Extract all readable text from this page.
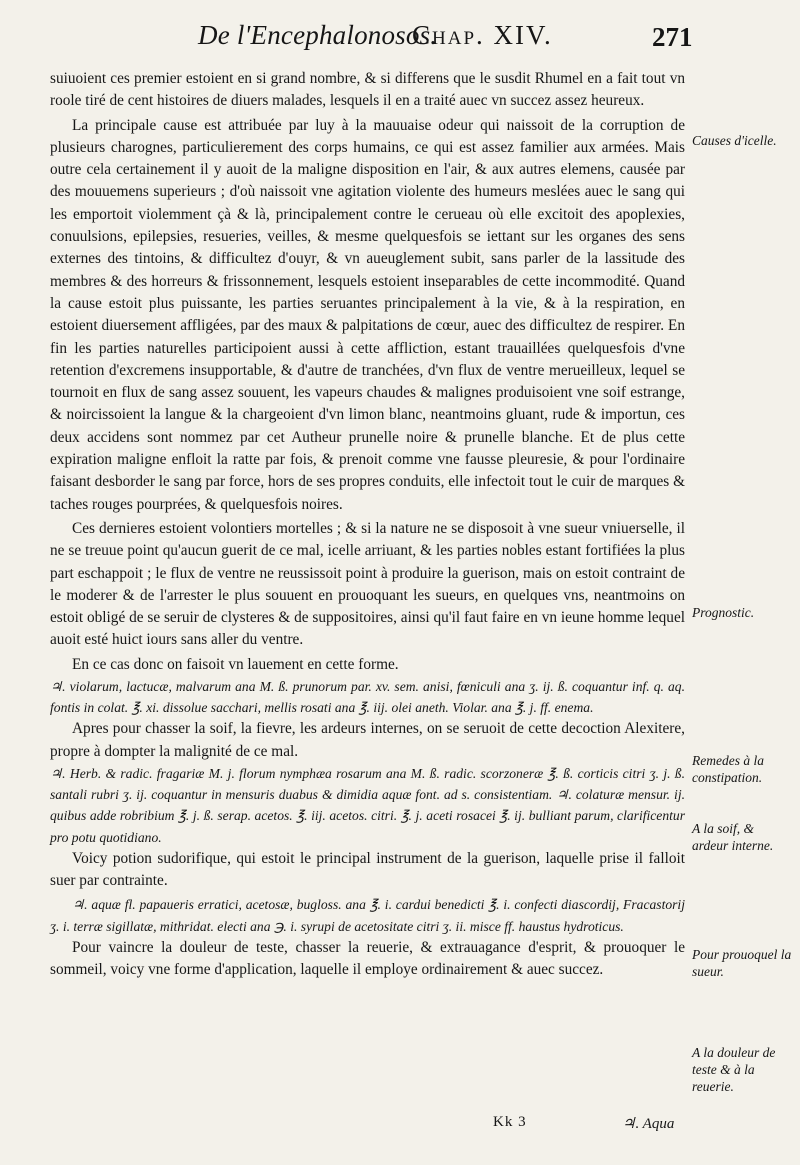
De l'Encephalonosos.
Chap. XIV.	271

suiuoient ces premier estoient en si grand nombre, & si differens que le susdit Rhumel en a fait tout vn roole tiré de cent histoires de diuers malades, lesquels il en a traité auec vn succez assez heureux.

La principale cause est attribuée par luy à la mauuaise odeur qui naissoit de la corruption de plusieurs charognes, particulierement des corps humains, ce qui est assez familier aux armées. Mais outre cela certainement il y auoit de la maligne disposition en l'air, & aux autres elemens, causée par des mouuemens superieurs ; d'où naissoit vne agitation violente des humeurs meslées auec le sang qui les emportoit violemment çà & là, principalement contre le cerueau où elle excitoit des apoplexies, conuulsions, epilepsies, resueries, veilles, & mesme quelquesfois se iettant sur les organes des sens externes des tintoins, & difficultez d'ouyr, & vn aueuglement subit, sans parler de la lassitude des membres & des horreurs & frissonnement, lesquels estoient inseparables de cette incommodité. Quand la cause estoit plus puissante, les parties seruantes principalement à la vie, & à la respiration, en estoient diuersement affligées, par des maux & palpitations de cœur, auec des difficultez de respirer. En fin les parties naturelles participoient aussi à cette affliction, estant trauaillées quelquesfois d'vne retention d'excremens insupportable, & d'autre de tranchées, d'vn flux de ventre merueilleux, lequel se tournoit en flux de sang assez souuent, les vapeurs chaudes & malignes produisoient vne soif estrange, & noircissoient la langue & la chargeoient d'vn limon blanc, neantmoins gluant, rude & importun, ces deux accidens sont nommez par cet Autheur prunelle noire & prunelle blanche. Et de plus cette expiration maligne enfloit la ratte par fois, & prenoit comme vne fausse pleuresie, & pour l'ordinaire faisant desborder le sang par force, hors de ses propres conduits, elle infectoit tout le cuir de marques & taches rouges pourprées, & quelquesfois noires.

Ces dernieres estoient volontiers mortelles ; & si la nature ne se disposoit à vne sueur vniuerselle, il ne se treuue point qu'aucun guerit de ce mal, icelle arriuant, & les parties nobles estant fortifiées la plus part eschappoit ; le flux de ventre ne reussissoit point à produire la guerison, mais on estoit contraint de le moderer & de l'arrester le plus souuent en prouoquant les sueurs, en quelques vns, neantmoins on estoit obligé de se seruir de clysteres & de suppositoires, ainsi qu'il faut faire en vn ieune homme lequel auoit esté huict iours sans aller du ventre.

En ce cas donc on faisoit vn lauement en cette forme.

♃. violarum, lactucæ, malvarum ana M. ß. prunorum par. xv. sem. anisi, fœniculi ana ʒ. ij. ß. coquantur inf. q. aq. fontis in colat. ℥. xi. dissolue sacchari, mellis rosati ana ℥. iij. olei aneth. Violar. ana ℥. j. ff. enema.

Apres pour chasser la soif, la fievre, les ardeurs internes, on se seruoit de cette decoction Alexitere, propre à dompter la malignité de ce mal.

♃. Herb. & radic. fragariæ M. j. florum nymphæa rosarum ana M. ß. radic. scorzoneræ ℥. ß. corticis citri ʒ. j. ß. santali rubri ʒ. ij. coquantur in mensuris duabus & dimidia aquæ font. ad s. consistentiam. ♃. colaturæ mensur. ij. quibus adde robribium ℥. j. ß. serap. acetos. ℥. iij. acetos. citri. ℥. j. aceti rosacei ℥. ij. bulliant parum, clarificentur pro potu quotidiano.

Voicy potion sudorifique, qui estoit le principal instrument de la guerison, laquelle prise il falloit suer par contrainte.

♃. aquæ fl. papaueris erratici, acetosæ, bugloss. ana ℥. i. cardui benedicti ℥. i. confecti diascordij, Fracastorij ʒ. i. terræ sigillatæ, mithridat. electi ana ℈. i. syrupi de acetositate citri ʒ. ii. misce ff. haustus hydroticus.

Pour vaincre la douleur de teste, chasser la reuerie, & extrauagance d'esprit, & prouoquer le sommeil, voicy vne forme d'application, laquelle il employe ordinairement & auec succez.

Causes d'icelle.
Prognostic.
Remedes à la constipation.
A la soif, & ardeur interne.
Pour prouoquel la sueur.
A la douleur de teste & à la reuerie.
Kk 3	♃. Aqua
